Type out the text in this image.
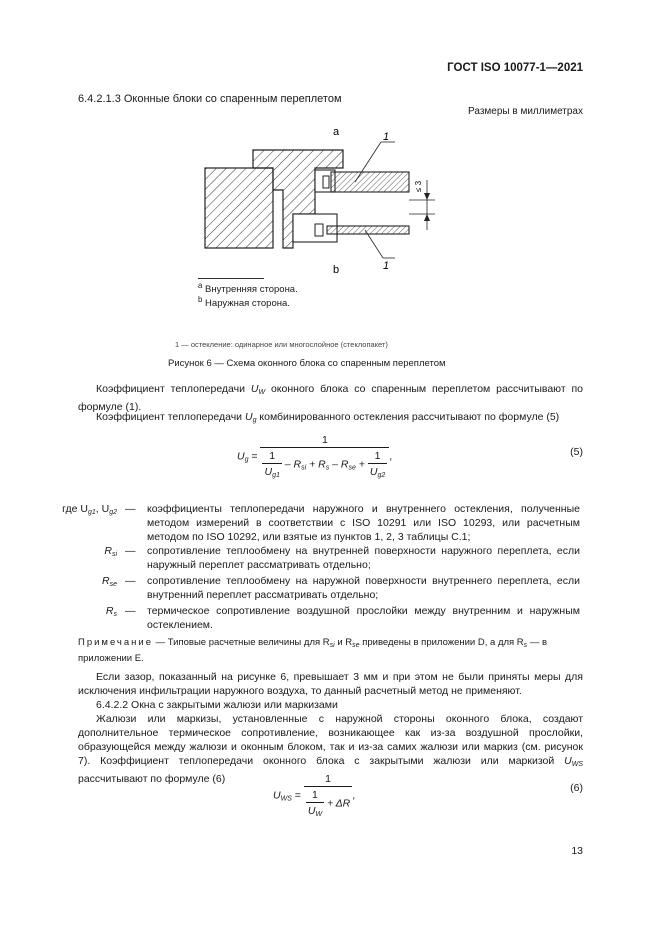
ГОСТ ISO 10077-1—2021
6.4.2.1.3 Оконные блоки со спаренным переплетом
Размеры в миллиметрах
≤ 3
1
1
a
b
$^a$ Внутренняя сторона.
$^b$ Наружная сторона.
1 — остекление: одинарное или многослойное (стеклопакет)
Рисунок 6 — Схема оконного блока со спаренным переплетом
Коэффициент теплопередачи $U_W$ оконного блока со спаренным переплетом рассчитывают по формуле (1).
Коэффициент теплопередачи $U_g$ комбинированного остекления рассчитывают по формуле (5)
$U_g = \frac{1}{\frac{1}{U_{g1}} - R_{si} + R_s - R_{se} + \frac{1}{U_{g2}}}$ ,	(5)
где $U_{g1}$, $U_{g2}$ — коэффициенты теплопередачи наружного и внутреннего остекления, полученные методом измерений в соответствии с ISO 10291 или ISO 10293, или расчетным методом по ISO 10292, или взятые из пунктов 1, 2, 3 таблицы С.1;
$R_{si}$ — сопротивление теплообмену на внутренней поверхности наружного переплета, если наружный переплет рассматривать отдельно;
$R_{se}$ — сопротивление теплообмену на наружной поверхности внутреннего переплета, если внутренний переплет рассматривать отдельно;
$R_s$ — термическое сопротивление воздушной прослойки между внутренним и наружным остеклением.
Примечание — Типовые расчетные величины для $R_{si}$ и $R_{se}$ приведены в приложении D, а для $R_s$ — в приложении Е.
Если зазор, показанный на рисунке 6, превышает 3 мм и при этом не были приняты меры для исключения инфильтрации наружного воздуха, то данный расчетный метод не применяют.
6.4.2.2 Окна с закрытыми жалюзи или маркизами
Жалюзи или маркизы, установленные с наружной стороны оконного блока, создают дополнительное термическое сопротивление, возникающее как из-за воздушной прослойки, образующейся между жалюзи и оконным блоком, так и из-за самих жалюзи или маркиз (см. рисунок 7). Коэффициент теплопередачи оконного блока с закрытыми жалюзи или маркизой $U_{WS}$ рассчитывают по формуле (6)
$U_{WS} = \frac{1}{\frac{1}{U_W} + \Delta R}$ ,
(6)
13
